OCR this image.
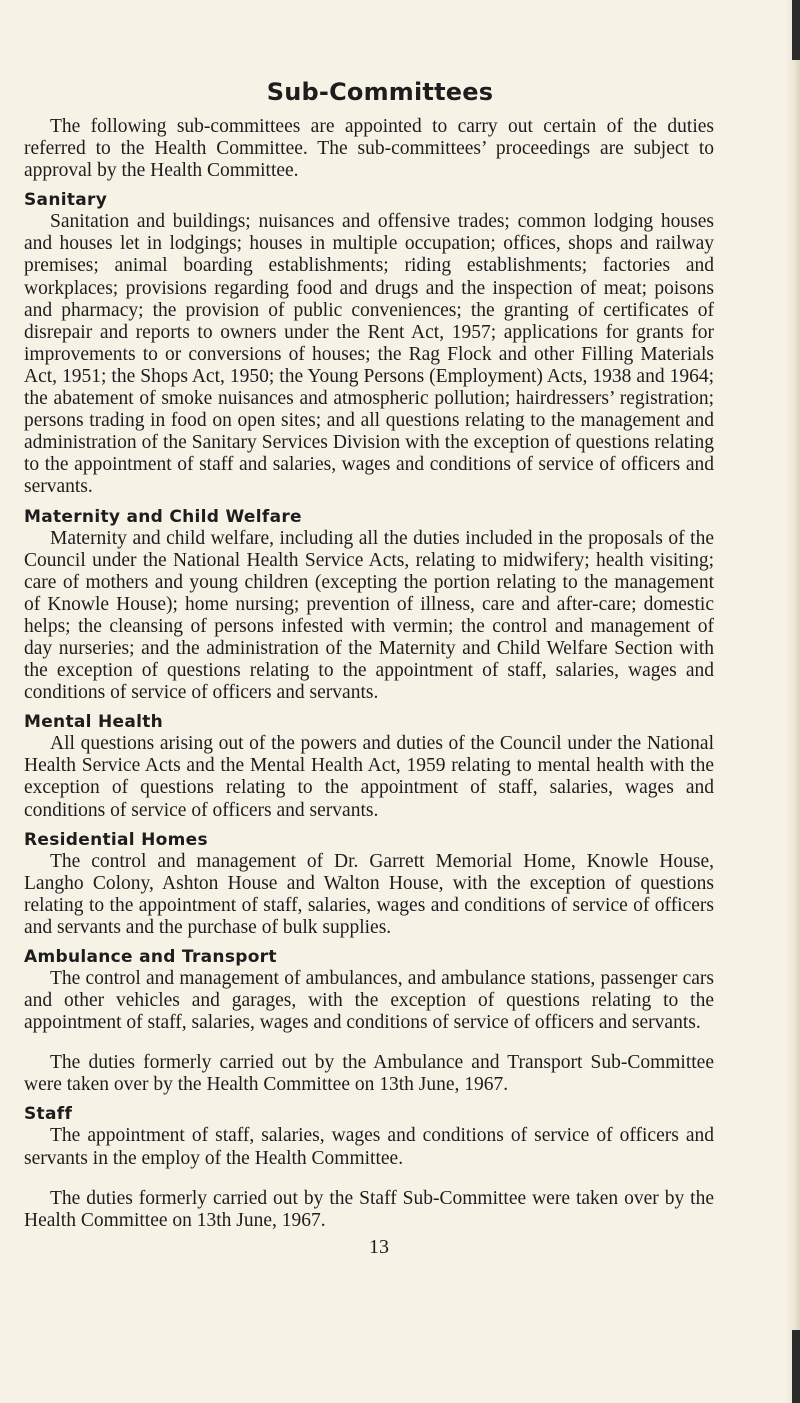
Sub-Committees

The following sub-committees are appointed to carry out certain of the duties referred to the Health Committee. The sub-committees’ proceedings are subject to approval by the Health Committee.

Sanitary

Sanitation and buildings; nuisances and offensive trades; common lodging houses and houses let in lodgings; houses in multiple occupation; offices, shops and railway premises; animal boarding establishments; riding establishments; factories and workplaces; provisions regarding food and drugs and the inspection of meat; poisons and pharmacy; the provision of public conveniences; the granting of certificates of disrepair and reports to owners under the Rent Act, 1957; applications for grants for improvements to or conversions of houses; the Rag Flock and other Filling Materials Act, 1951; the Shops Act, 1950; the Young Persons (Employment) Acts, 1938 and 1964; the abatement of smoke nuisances and atmospheric pollution; hairdressers’ registration; persons trading in food on open sites; and all questions relating to the management and administration of the Sanitary Services Division with the exception of questions relating to the appointment of staff and salaries, wages and conditions of service of officers and servants.

Maternity and Child Welfare

Maternity and child welfare, including all the duties included in the proposals of the Council under the National Health Service Acts, relating to midwifery; health visiting; care of mothers and young children (excepting the portion relating to the management of Knowle House); home nursing; prevention of illness, care and after-care; domestic helps; the cleansing of persons infested with vermin; the control and management of day nurseries; and the administration of the Maternity and Child Welfare Section with the exception of questions relating to the appointment of staff, salaries, wages and conditions of service of officers and servants.

Mental Health

All questions arising out of the powers and duties of the Council under the National Health Service Acts and the Mental Health Act, 1959 relating to mental health with the exception of questions relating to the appointment of staff, salaries, wages and conditions of service of officers and servants.

Residential Homes

The control and management of Dr. Garrett Memorial Home, Knowle House, Langho Colony, Ashton House and Walton House, with the exception of questions relating to the appointment of staff, salaries, wages and conditions of service of officers and servants and the purchase of bulk supplies.

Ambulance and Transport

The control and management of ambulances, and ambulance stations, passenger cars and other vehicles and garages, with the exception of questions relating to the appointment of staff, salaries, wages and conditions of service of officers and servants.

The duties formerly carried out by the Ambulance and Transport Sub-Committee were taken over by the Health Committee on 13th June, 1967.

Staff

The appointment of staff, salaries, wages and conditions of service of officers and servants in the employ of the Health Committee.

The duties formerly carried out by the Staff Sub-Committee were taken over by the Health Committee on 13th June, 1967.

13
